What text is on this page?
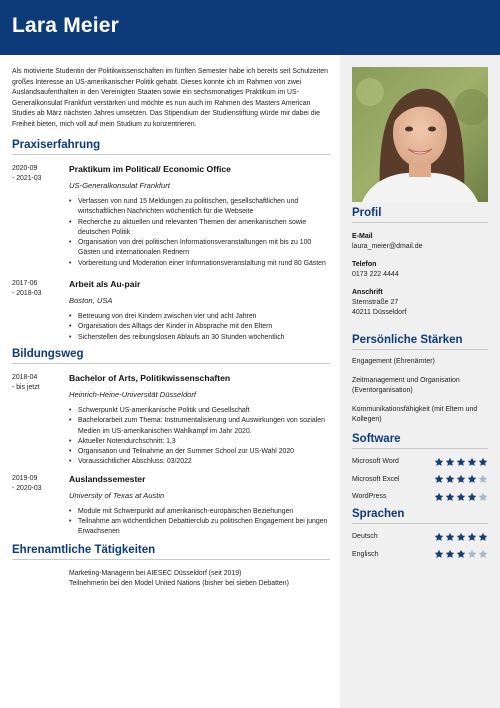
Lara Meier

Als motivierte Studentin der Politikwissenschaften im fünften Semester habe ich bereits seit Schulzeiten großes Interesse an US-amerikanischer Politik gehabt. Dieses konnte ich im Rahmen von zwei Auslandsaufenthalten in den Vereinigten Staaten sowie ein sechsmonatiges Praktikum im US-Generalkonsulat Frankfurt verstärken und möchte es nun auch im Rahmen des Masters American Studies ab März nächsten Jahres umsetzen. Das Stipendium der Studienstiftung würde mir dabei die Freiheit bieten, mich voll auf mein Studium zu konzentrieren.

Praxiserfahrung
2020-09
- 2021-03
Praktikum im Political/ Economic Office
US-Generalkonsulat Frankfurt
• Verfassen von rund 15 Meldungen zu politischen, gesellschaftlichen und wirtschaftlichen Nachrichten wöchentlich für die Webseite
• Recherche zu aktuellen und relevanten Themen der amerikanischen sowie deutschen Politik
• Organisation von drei politischen Informationsveranstaltungen mit bis zu 100 Gästen und internationalen Rednern
• Vorbereitung und Moderation einer Informationsveranstaltung mit rund 80 Gästen
2017-06
- 2018-03
Arbeit als Au-pair
Boston, USA
• Betreuung von drei Kindern zwischen vier und acht Jahren
• Organisation des Alltags der Kinder in Absprache mit den Eltern
• Sicherstellen des reibungslosen Ablaufs an 30 Stunden wöchentlich
Bildungsweg
2018-04
- bis jetzt
Bachelor of Arts, Politikwissenschaften
Heinrich-Heine-Universität Düsseldorf
• Schwerpunkt US-amerikanische Politik und Gesellschaft
• Bachelorarbeit zum Thema: Instrumentalisierung und Auswirkungen von sozialen Medien im US-amerikanischen Wahlkampf im Jahr 2020.
• Aktueller Notendurchschnitt: 1,3
• Organisation und Teilnahme an der Summer School zur US-Wahl 2020
• Voraussichtlicher Abschluss: 03/2022
2019-09
- 2020-03
Auslandssemester
University of Texas at Austin
• Module mit Schwerpunkt auf amerikanisch-europäischen Beziehungen
• Teilnahme am wöchentlichen Debattierclub zu politischen Engagement bei jungen Erwachsenen
Ehrenamtliche Tätigkeiten
Marketing-Managerin bei AIESEC Düsseldorf (seit 2019)
Teilnehmerin bei den Model United Nations (bisher bei sieben Debatten)
Profil
E-Mail
laura_meier@dmail.de
Telefon
0173 222 4444
Anschrift
Sternstraße 27
40211 Düsseldorf
Persönliche Stärken
Engagement (Ehrenämter)
Zeitmanagement und Organisation (Eventorganisation)
Kommunikationsfähigkeit (mit Eltern und Kollegen)
Software
Microsoft Word
Microsoft Excel
WordPress
Sprachen
Deutsch
Englisch
